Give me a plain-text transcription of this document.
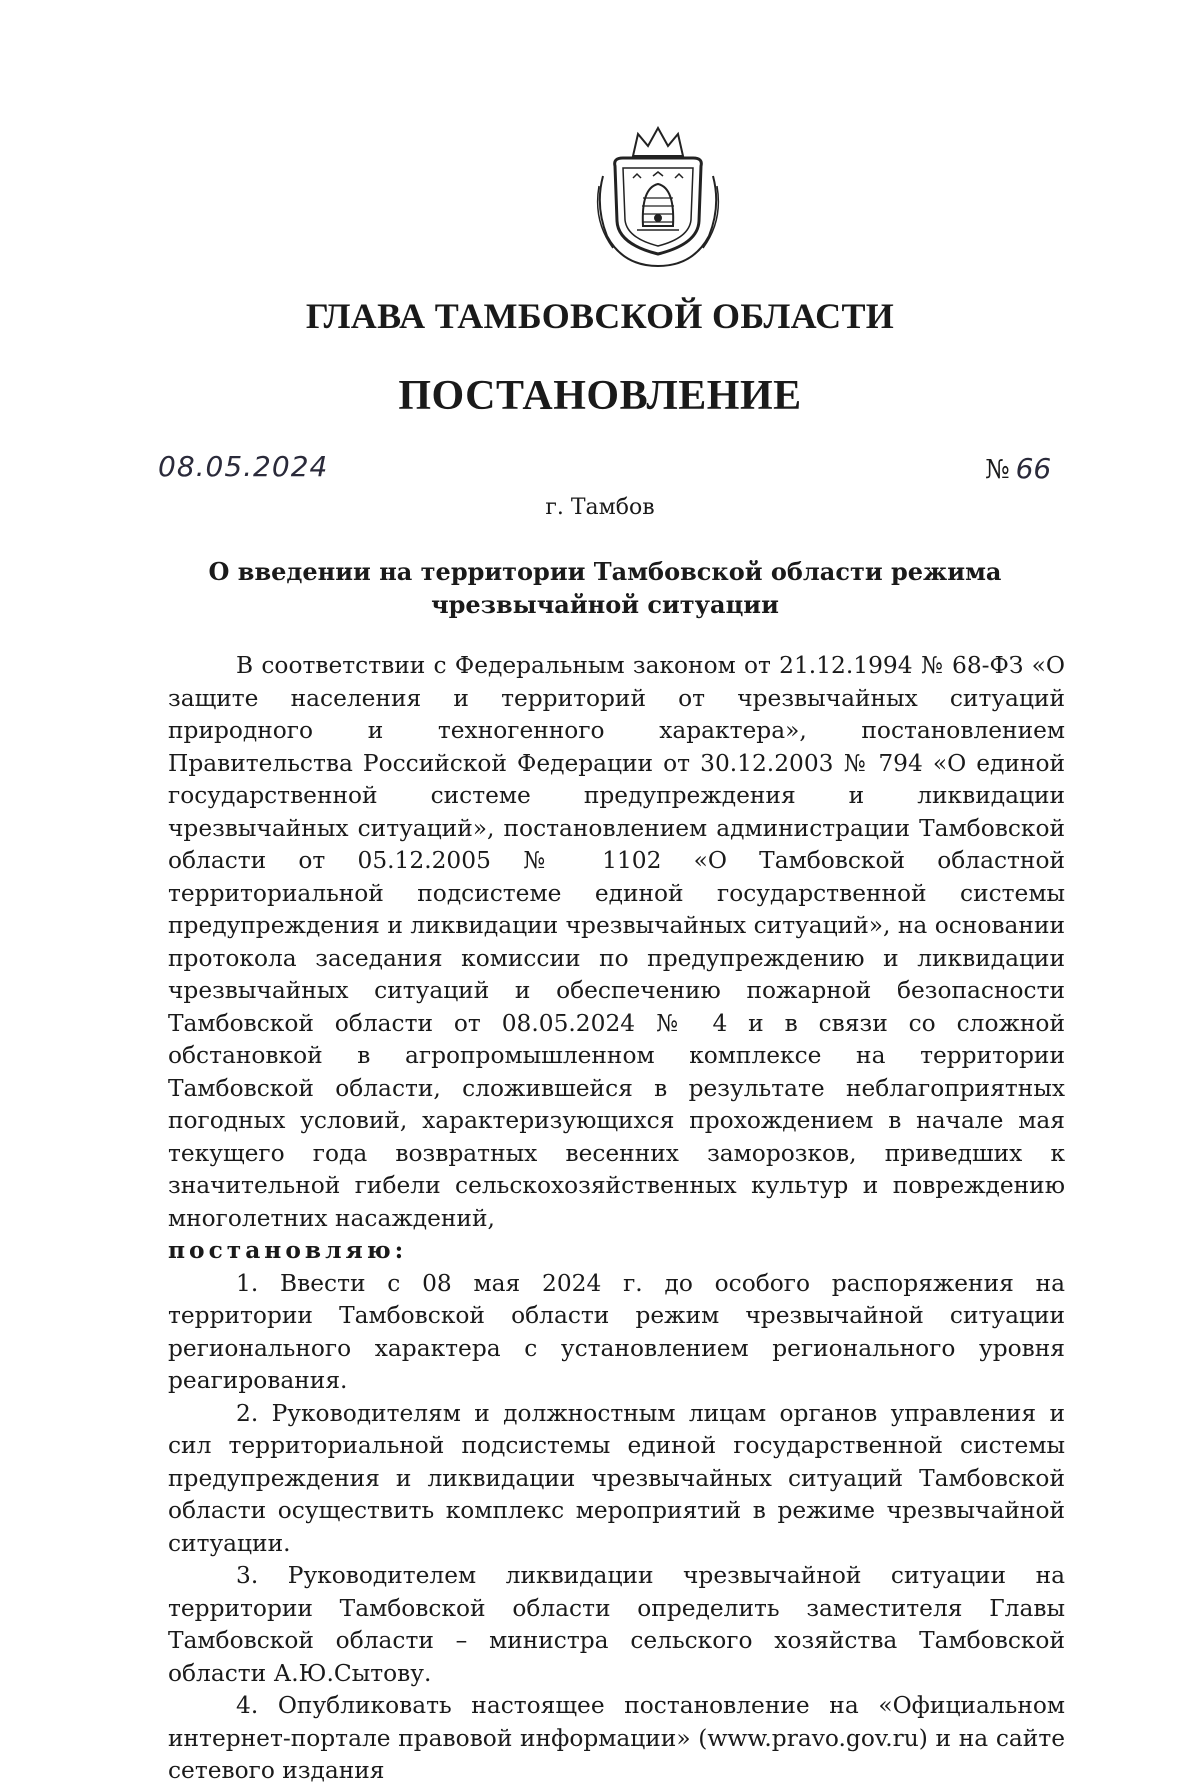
ГЛАВА ТАМБОВСКОЙ ОБЛАСТИ
ПОСТАНОВЛЕНИЕ
08.05.2024	№ 66
г. Тамбов
О введении на территории Тамбовской области режима чрезвычайной ситуации

В соответствии с Федеральным законом от 21.12.1994 № 68-ФЗ «О защите населения и территорий от чрезвычайных ситуаций природного и техногенного характера», постановлением Правительства Российской Федерации от 30.12.2003 № 794 «О единой государственной системе предупреждения и ликвидации чрезвычайных ситуаций», постановлением администрации Тамбовской области от 05.12.2005 № 1102 «О Тамбовской областной территориальной подсистеме единой государственной системы предупреждения и ликвидации чрезвычайных ситуаций», на основании протокола заседания комиссии по предупреждению и ликвидации чрезвычайных ситуаций и обеспечению пожарной безопасности Тамбовской области от 08.05.2024 № 4 и в связи со сложной обстановкой в агропромышленном комплексе на территории Тамбовской области, сложившейся в результате неблагоприятных погодных условий, характеризующихся прохождением в начале мая текущего года возвратных весенних заморозков, приведших к значительной гибели сельскохозяйственных культур и повреждению многолетних насаждений,

постановляю:

1. Ввести с 08 мая 2024 г. до особого распоряжения на территории Тамбовской области режим чрезвычайной ситуации регионального характера с установлением регионального уровня реагирования.

2. Руководителям и должностным лицам органов управления и сил территориальной подсистемы единой государственной системы предупреждения и ликвидации чрезвычайных ситуаций Тамбовской области осуществить комплекс мероприятий в режиме чрезвычайной ситуации.

3. Руководителем ликвидации чрезвычайной ситуации на территории Тамбовской области определить заместителя Главы Тамбовской области – министра сельского хозяйства Тамбовской области А.Ю.Сытову.

4. Опубликовать настоящее постановление на «Официальном интернет-портале правовой информации» (www.pravo.gov.ru) и на сайте сетевого издания
